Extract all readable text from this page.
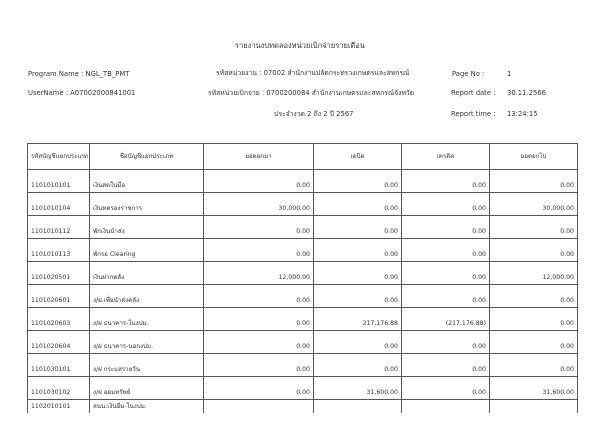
รายงานงบทดลองหน่วยเบิกจ่ายรายเดือน
Program Name : NGL_TB_PMT
UserName : A07002000841001
รหัสหน่วยงาน : 07002 สำนักงานปลัดกระทรวงเกษตรและสหกรณ์
รหัสหน่วยเบิกจ่าย : 0700200084 สำนักงานเกษตรและสหกรณ์จังหวัด
ประจำงวด 2 ถึง 2 ปี 2567
Page No :	1
Report date : 30.11.2566
Report time : 13:24:15
รหัสบัญชีแยกประเภท	ชื่อบัญชีแยกประเภท	ยอดยกมา	เดบิต	เครดิต	ยอดยกไป
1101010101	เงินสดในมือ	0.00	0.00	0.00	0.00
1101010104	เงินทดรองราชการ	30,000.00	0.00	0.00	30,000.00
1101010112	พักเงินนำส่ง	0.00	0.00	0.00	0.00
1101010113	พักรอ Clearing	0.00	0.00	0.00	0.00
1101020501	เงินฝากคลัง	12,000.00	0.00	0.00	12,000.00
1101020601	ง/ฝ.เพื่อนำส่งคลัง	0.00	0.00	0.00	0.00
1101020603	ง/ฝ ธนาคาร-ในงปม.	0.00	217,176.88	(217,176.88)	0.00
1101020604	ง/ฝ ธนาคาร-นอกงปม.	0.00	0.00	0.00	0.00
1101030101	ง/ฝ กระแสรายวัน	0.00	0.00	0.00	0.00
1101030102	ง/ฝ ออมทรัพย์	0.00	31,600.00	0.00	31,600.00
1102010101	ลนน.เงินยืม-ในงปม.				
